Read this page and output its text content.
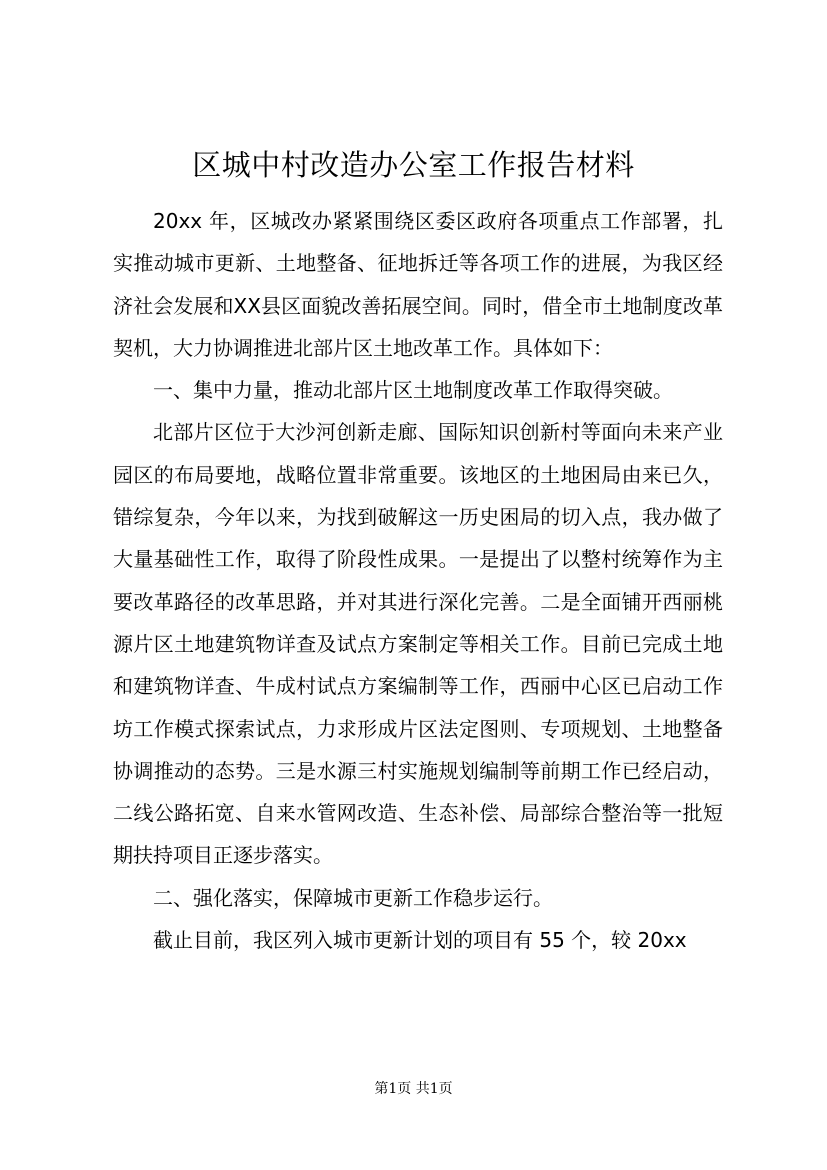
区城中村改造办公室工作报告材料

20xx 年，区城改办紧紧围绕区委区政府各项重点工作部署，扎实推动城市更新、土地整备、征地拆迁等各项工作的进展，为我区经济社会发展和XX县区面貌改善拓展空间。同时，借全市土地制度改革契机，大力协调推进北部片区土地改革工作。具体如下：

一、集中力量，推动北部片区土地制度改革工作取得突破。

北部片区位于大沙河创新走廊、国际知识创新村等面向未来产业园区的布局要地，战略位置非常重要。该地区的土地困局由来已久，错综复杂，今年以来，为找到破解这一历史困局的切入点，我办做了大量基础性工作，取得了阶段性成果。一是提出了以整村统筹作为主要改革路径的改革思路，并对其进行深化完善。二是全面铺开西丽桃源片区土地建筑物详查及试点方案制定等相关工作。目前已完成土地和建筑物详查、牛成村试点方案编制等工作，西丽中心区已启动工作坊工作模式探索试点，力求形成片区法定图则、专项规划、土地整备协调推动的态势。三是水源三村实施规划编制等前期工作已经启动，二线公路拓宽、自来水管网改造、生态补偿、局部综合整治等一批短期扶持项目正逐步落实。

二、强化落实，保障城市更新工作稳步运行。

截止目前，我区列入城市更新计划的项目有 55 个，较 20xx

第1页 共1页
